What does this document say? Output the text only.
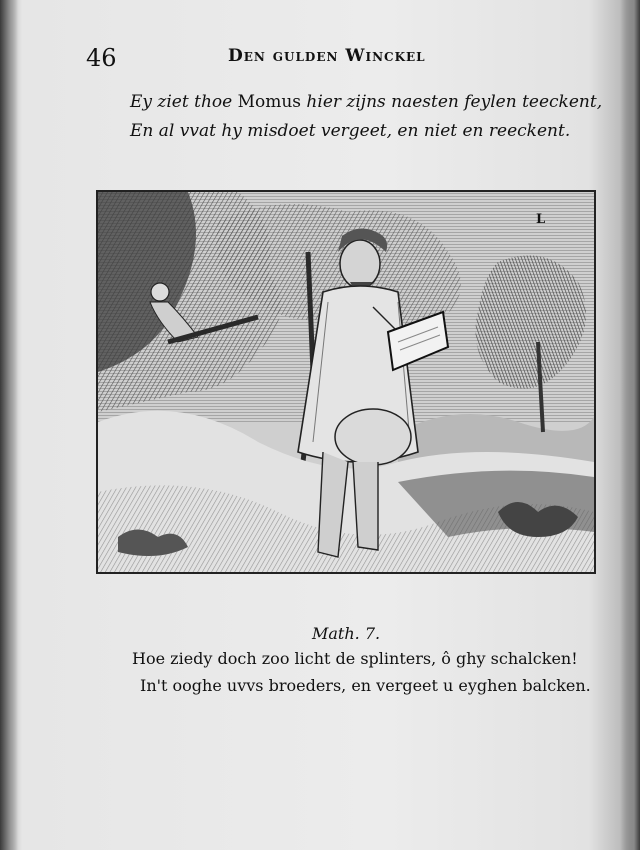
46	Den gulden Winckel
Ey ziet thoe Momus hier zijns naesten feylen teeckent,
En al vvat hy misdoet vergeet, en niet en reeckent.
L
Math. 7.
Hoe ziedy doch zoo licht de splinters, ô ghy schalcken!
In't ooghe uvvs broeders, en vergeet u eyghen balcken.
